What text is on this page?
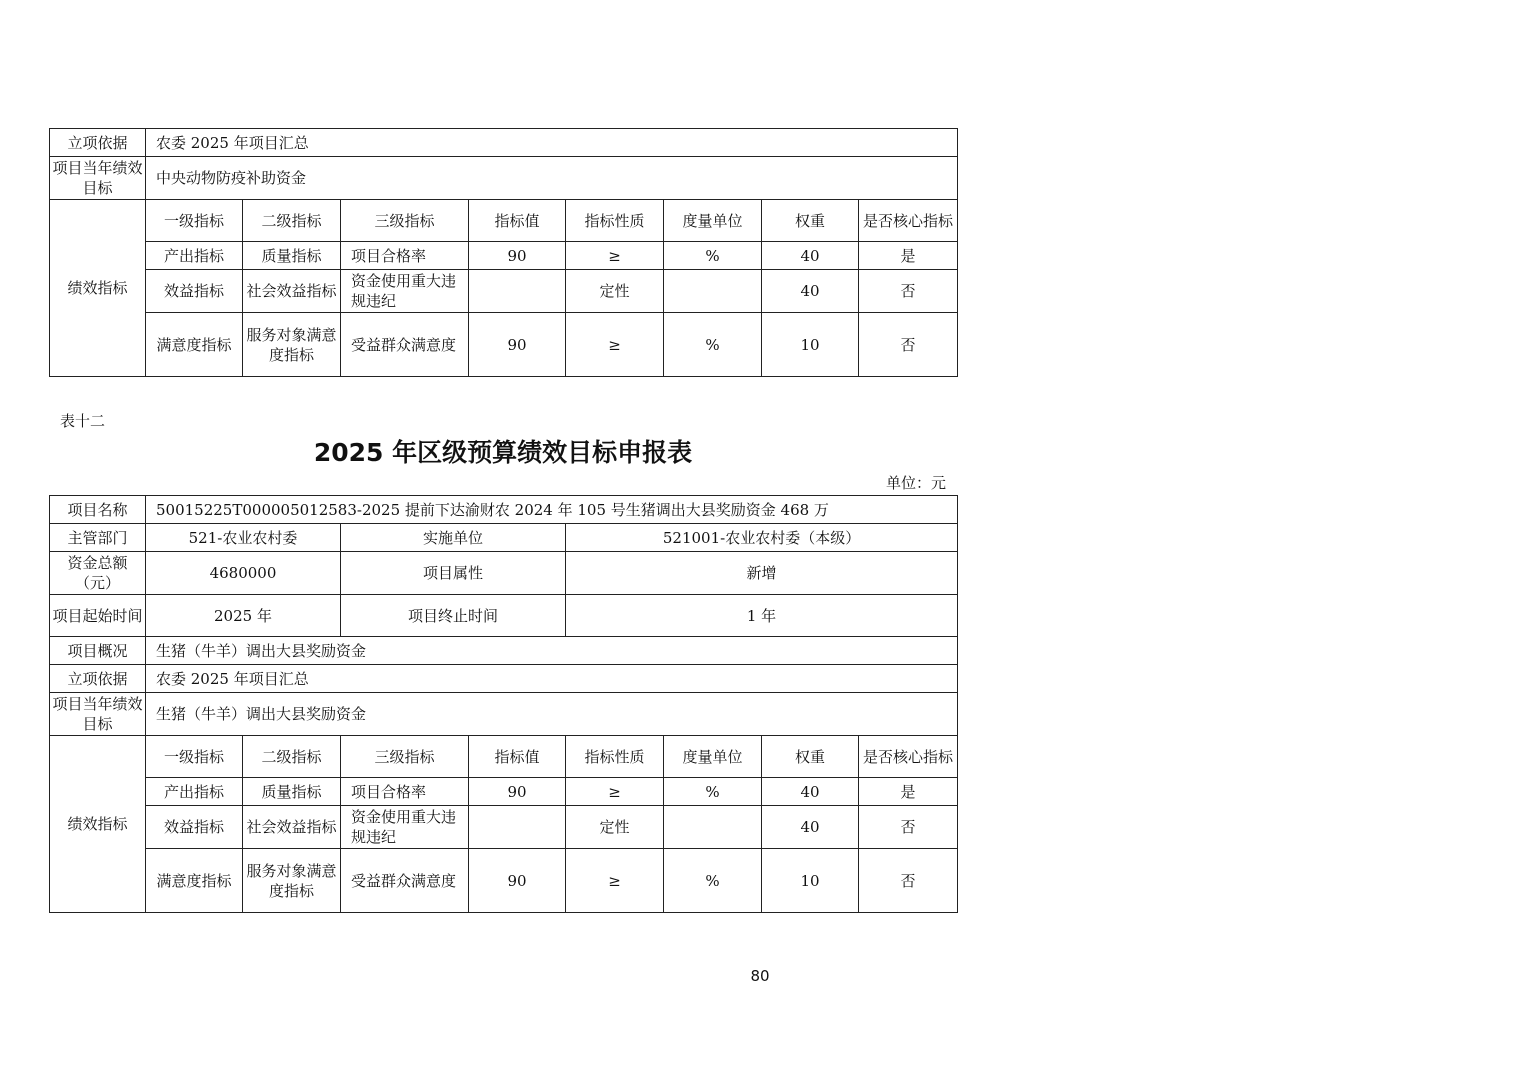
立项依据	农委 2025 年项目汇总							
项目当年绩效目标	中央动物防疫补助资金							
绩效指标	一级指标	二级指标	三级指标	指标值	指标性质	度量单位	权重	是否核心指标
	产出指标	质量指标	项目合格率	90	≥	%	40	是
	效益指标	社会效益指标	资金使用重大违规违纪		定性		40	否
	满意度指标	服务对象满意度指标	受益群众满意度	90	≥	%	10	否
表十二
2025 年区级预算绩效目标申报表
单位：元
项目名称	50015225T000005012583-2025 提前下达渝财农 2024 年 105 号生猪调出大县奖励资金 468 万							
主管部门	521-农业农村委		实施单位		521001-农业农村委（本级）			
资金总额（元）	4680000		项目属性		新增			
项目起始时间	2025 年		项目终止时间		1 年			
项目概况	生猪（牛羊）调出大县奖励资金							
立项依据	农委 2025 年项目汇总							
项目当年绩效目标	生猪（牛羊）调出大县奖励资金							
绩效指标	一级指标	二级指标	三级指标	指标值	指标性质	度量单位	权重	是否核心指标
	产出指标	质量指标	项目合格率	90	≥	%	40	是
	效益指标	社会效益指标	资金使用重大违规违纪		定性		40	否
	满意度指标	服务对象满意度指标	受益群众满意度	90	≥	%	10	否
80
